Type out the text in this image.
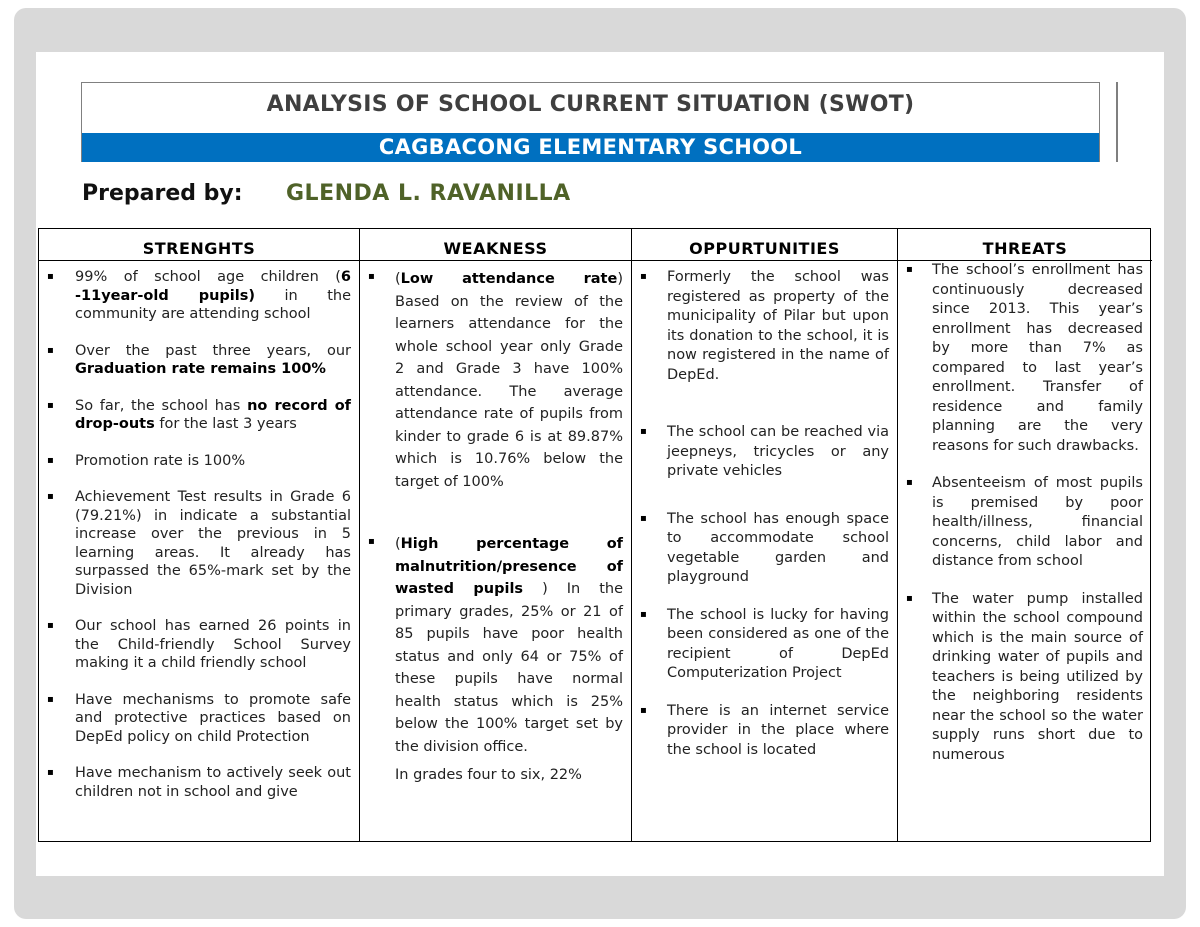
ANALYSIS OF SCHOOL CURRENT SITUATION (SWOT)
CAGBACONG ELEMENTARY SCHOOL
Prepared by: GLENDA L. RAVANILLA
STRENGHTS
▪ 99% of school age children (6 -11year-old pupils) in the community are attending school
▪ Over the past three years, our Graduation rate remains 100%
▪ So far, the school has no record of drop-outs for the last 3 years
▪ Promotion rate is 100%
▪ Achievement Test results in Grade 6 (79.21%) in indicate a substantial increase over the previous in 5 learning areas. It already has surpassed the 65%-mark set by the Division
▪ Our school has earned 26 points in the Child-friendly School Survey making it a child friendly school
▪ Have mechanisms to promote safe and protective practices based on DepEd policy on child Protection
▪ Have mechanism to actively seek out children not in school and give
WEAKNESS
▪ (Low attendance rate) Based on the review of the learners attendance for the whole school year only Grade 2 and Grade 3 have 100% attendance. The average attendance rate of pupils from kinder to grade 6 is at 89.87% which is 10.76% below the target of 100%
▪ (High percentage of malnutrition/presence of wasted pupils ) In the primary grades, 25% or 21 of 85 pupils have poor health status and only 64 or 75% of these pupils have normal health status which is 25% below the 100% target set by the division office.
In grades four to six, 22%
OPPURTUNITIES
▪ Formerly the school was registered as property of the municipality of Pilar but upon its donation to the school, it is now registered in the name of DepEd.
▪ The school can be reached via jeepneys, tricycles or any private vehicles
▪ The school has enough space to accommodate school vegetable garden and playground
▪ The school is lucky for having been considered as one of the recipient of DepEd Computerization Project
▪ There is an internet service provider in the place where the school is located
THREATS
▪ The school’s enrollment has continuously decreased since 2013. This year’s enrollment has decreased by more than 7% as compared to last year’s enrollment. Transfer of residence and family planning are the very reasons for such drawbacks.
▪ Absenteeism of most pupils is premised by poor health/illness, financial concerns, child labor and distance from school
▪ The water pump installed within the school compound which is the main source of drinking water of pupils and teachers is being utilized by the neighboring residents near the school so the water supply runs short due to numerous
